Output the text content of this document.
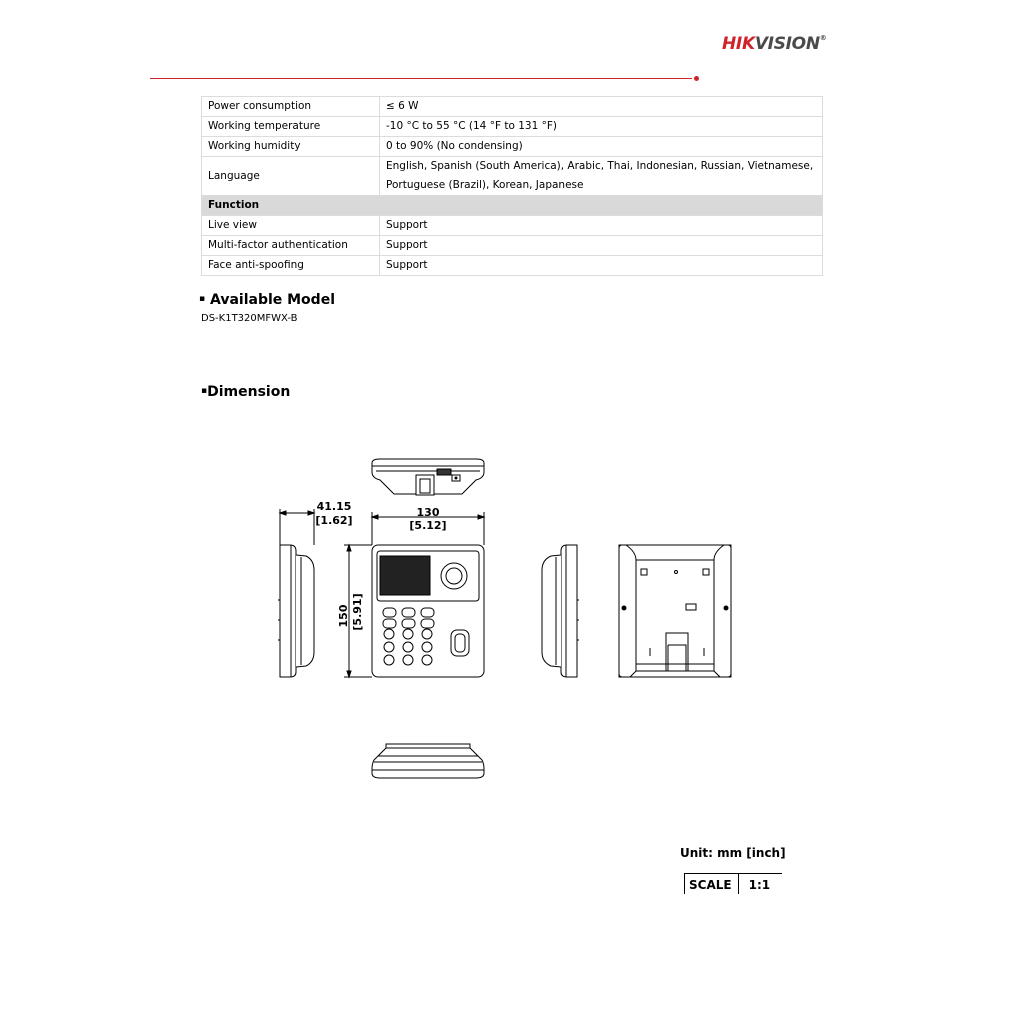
HIKVISION®
Power consumption	≤ 6 W
Working temperature	-10 °C to 55 °C (14 °F to 131 °F)
Working humidity	0 to 90% (No condensing)
Language	English, Spanish (South America), Arabic, Thai, Indonesian, Russian, Vietnamese,
Portuguese (Brazil), Korean, Japanese

Function	
Live view	Support
Multi-factor authentication	Support
Face anti-spoofing	Support
▪ Available Model
DS-K1T320MFWX-B
▪Dimension
41.15
[1.62]
130
[5.12]
150 [5.91]
Unit: mm [inch]
SCALE	1:1
